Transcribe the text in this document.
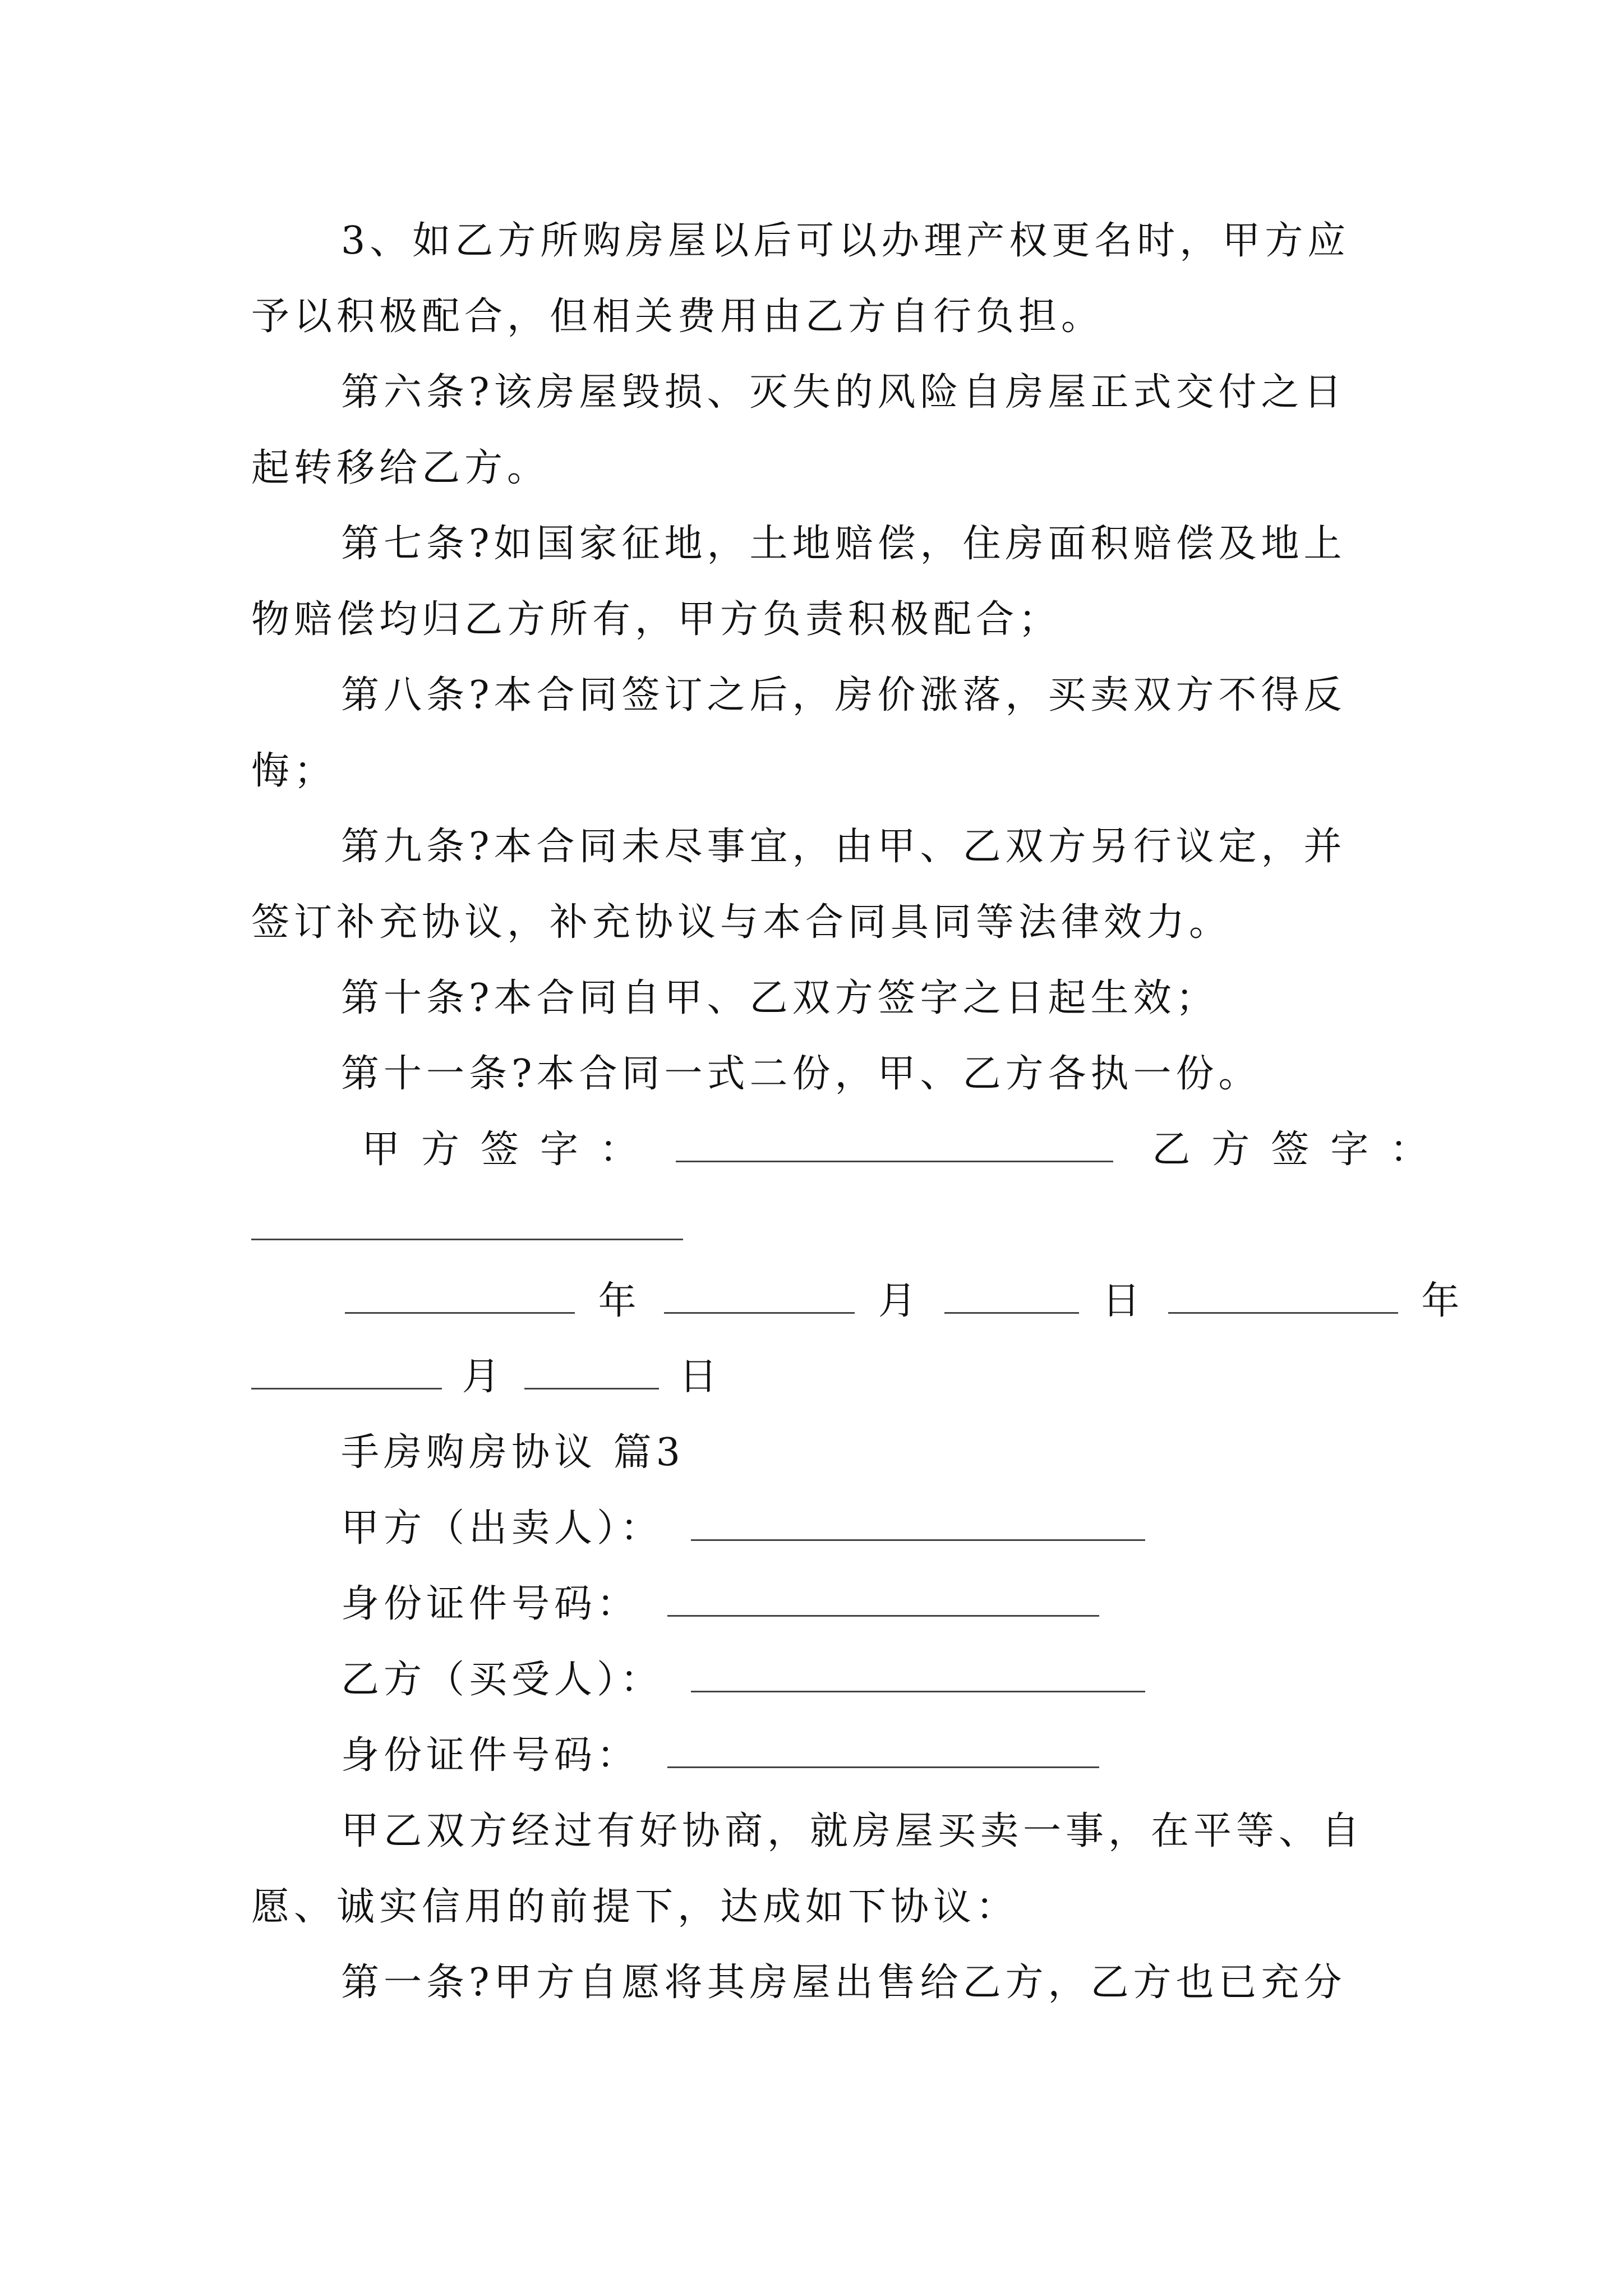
3、如乙方所购房屋以后可以办理产权更名时，甲方应
予以积极配合，但相关费用由乙方自行负担。
第六条?该房屋毁损、灭失的风险自房屋正式交付之日
起转移给乙方。
第七条?如国家征地，土地赔偿，住房面积赔偿及地上
物赔偿均归乙方所有，甲方负责积极配合；
第八条?本合同签订之后，房价涨落，买卖双方不得反
悔；
第九条?本合同未尽事宜，由甲、乙双方另行议定，并
签订补充协议，补充协议与本合同具同等法律效力。
第十条?本合同自甲、乙双方签字之日起生效；
第十一条?本合同一式二份，甲、乙方各执一份。
甲方签字：	乙方签字：
年	月	日	年
月	日
手房购房协议 篇3
甲方（出卖人）：
身份证件号码：
乙方（买受人）：
身份证件号码：
甲乙双方经过有好协商，就房屋买卖一事，在平等、自
愿、诚实信用的前提下，达成如下协议：
第一条?甲方自愿将其房屋出售给乙方，乙方也已充分
